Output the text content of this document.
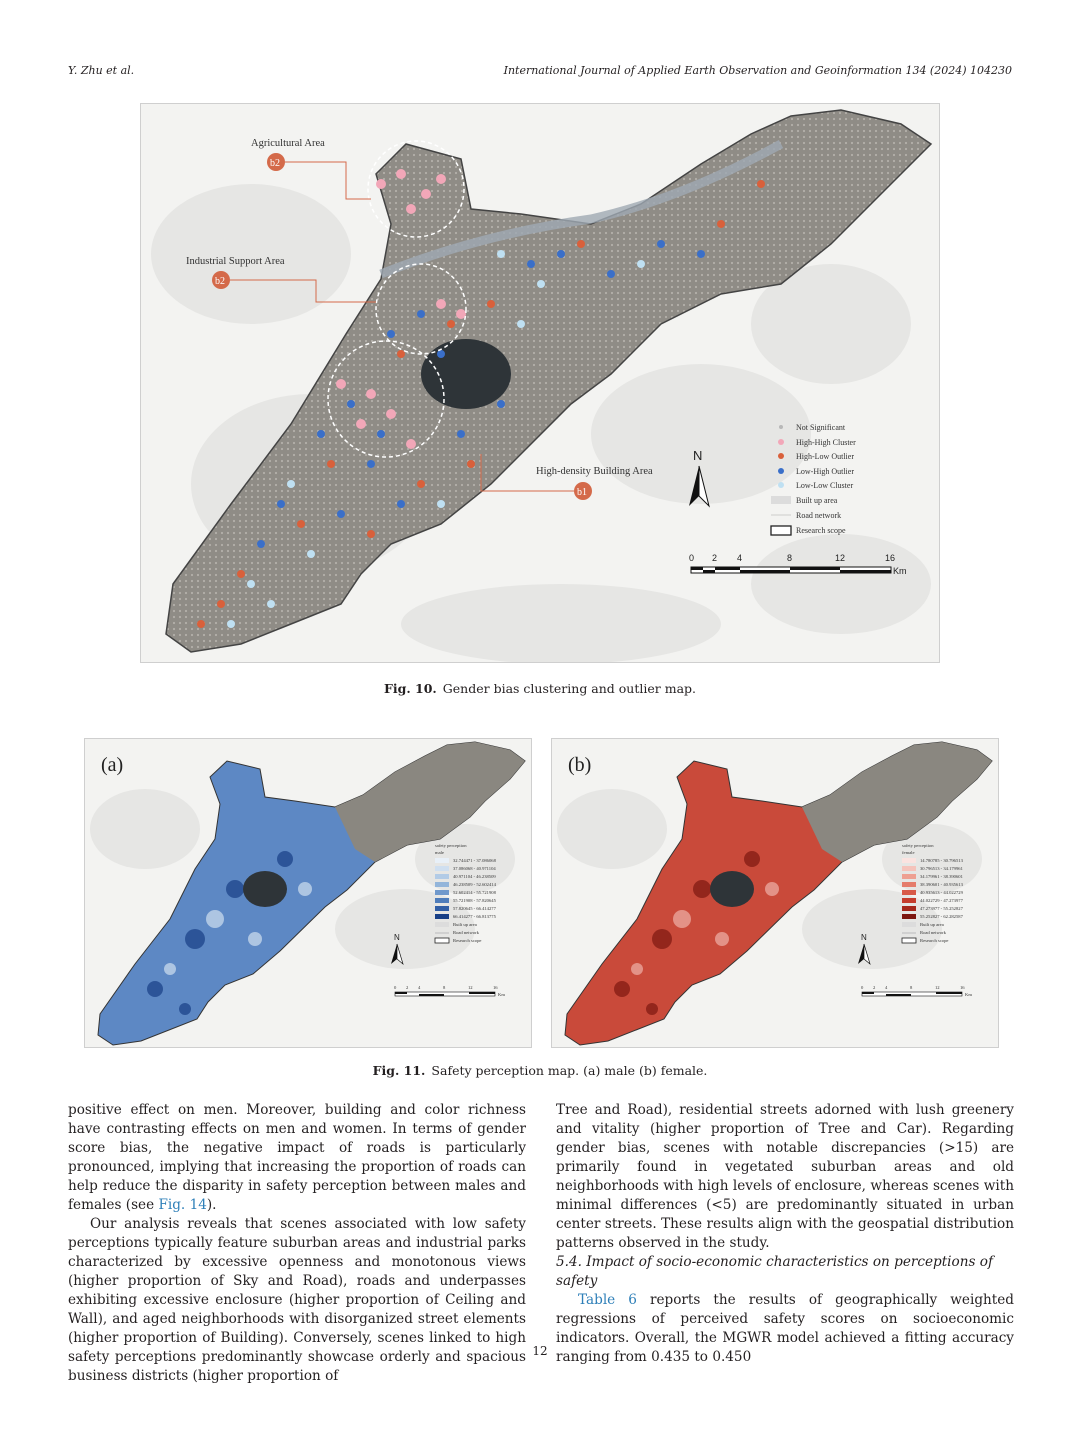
Y. Zhu et al.	International Journal of Applied Earth Observation and Geoinformation 134 (2024) 104230
Agricultural Area
b2
Industrial Support Area
b2
High-density Building Area
b1
Not Significant
High-High Cluster
High-Low Outlier
Low-High Outlier
Low-Low Cluster
Built up area
Road network
Research scope
N
0 2 4	8	12	16
Km
Fig. 10. Gender bias clustering and outlier map.
(a)
safety perception
male
32.744471 - 37.086068
37.086068 - 40.971104
40.971104 - 46.238509
46.238509 - 52.602414
52.602414 - 55.721908
55.721908 - 57.820645
57.820645 - 66.414277
66.414277 - 66.813775
Built up area
Road network
Research scope
N
0 2 4	8	12	16
Km
(b)
safety perception
female
14.780785 - 30.796513
30.796513 - 34.179961
34.179961 - 38.390601
38.390601 - 40.935613
40.935613 - 44.022729
44.022729 - 47.273977
47.273977 - 55.252827
55.252827 - 62.282587
Built up area
Road network
Research scope
N
0 2 4	8	12	16
Km
Fig. 11. Safety perception map. (a) male (b) female.

positive effect on men. Moreover, building and color richness have contrasting effects on men and women. In terms of gender score bias, the negative impact of roads is particularly pronounced, implying that increasing the proportion of roads can help reduce the disparity in safety perception between males and females (see Fig. 14).

Our analysis reveals that scenes associated with low safety perceptions typically feature suburban areas and industrial parks characterized by excessive openness and monotonous views (higher proportion of Sky and Road), roads and underpasses exhibiting excessive enclosure (higher proportion of Ceiling and Wall), and aged neighborhoods with disorganized street elements (higher proportion of Building). Conversely, scenes linked to high safety perceptions predominantly showcase orderly and spacious business districts (higher proportion of

Tree and Road), residential streets adorned with lush greenery and vitality (higher proportion of Tree and Car). Regarding gender bias, scenes with notable discrepancies (>15) are primarily found in vegetated suburban areas and old neighborhoods with high levels of enclosure, whereas scenes with minimal differences (<5) are predominantly situated in urban center streets. These results align with the geospatial distribution patterns observed in the study.

5.4. Impact of socio-economic characteristics on perceptions of safety

Table 6 reports the results of geographically weighted regressions of perceived safety scores on socioeconomic indicators. Overall, the MGWR model achieved a fitting accuracy ranging from 0.435 to 0.450

12
